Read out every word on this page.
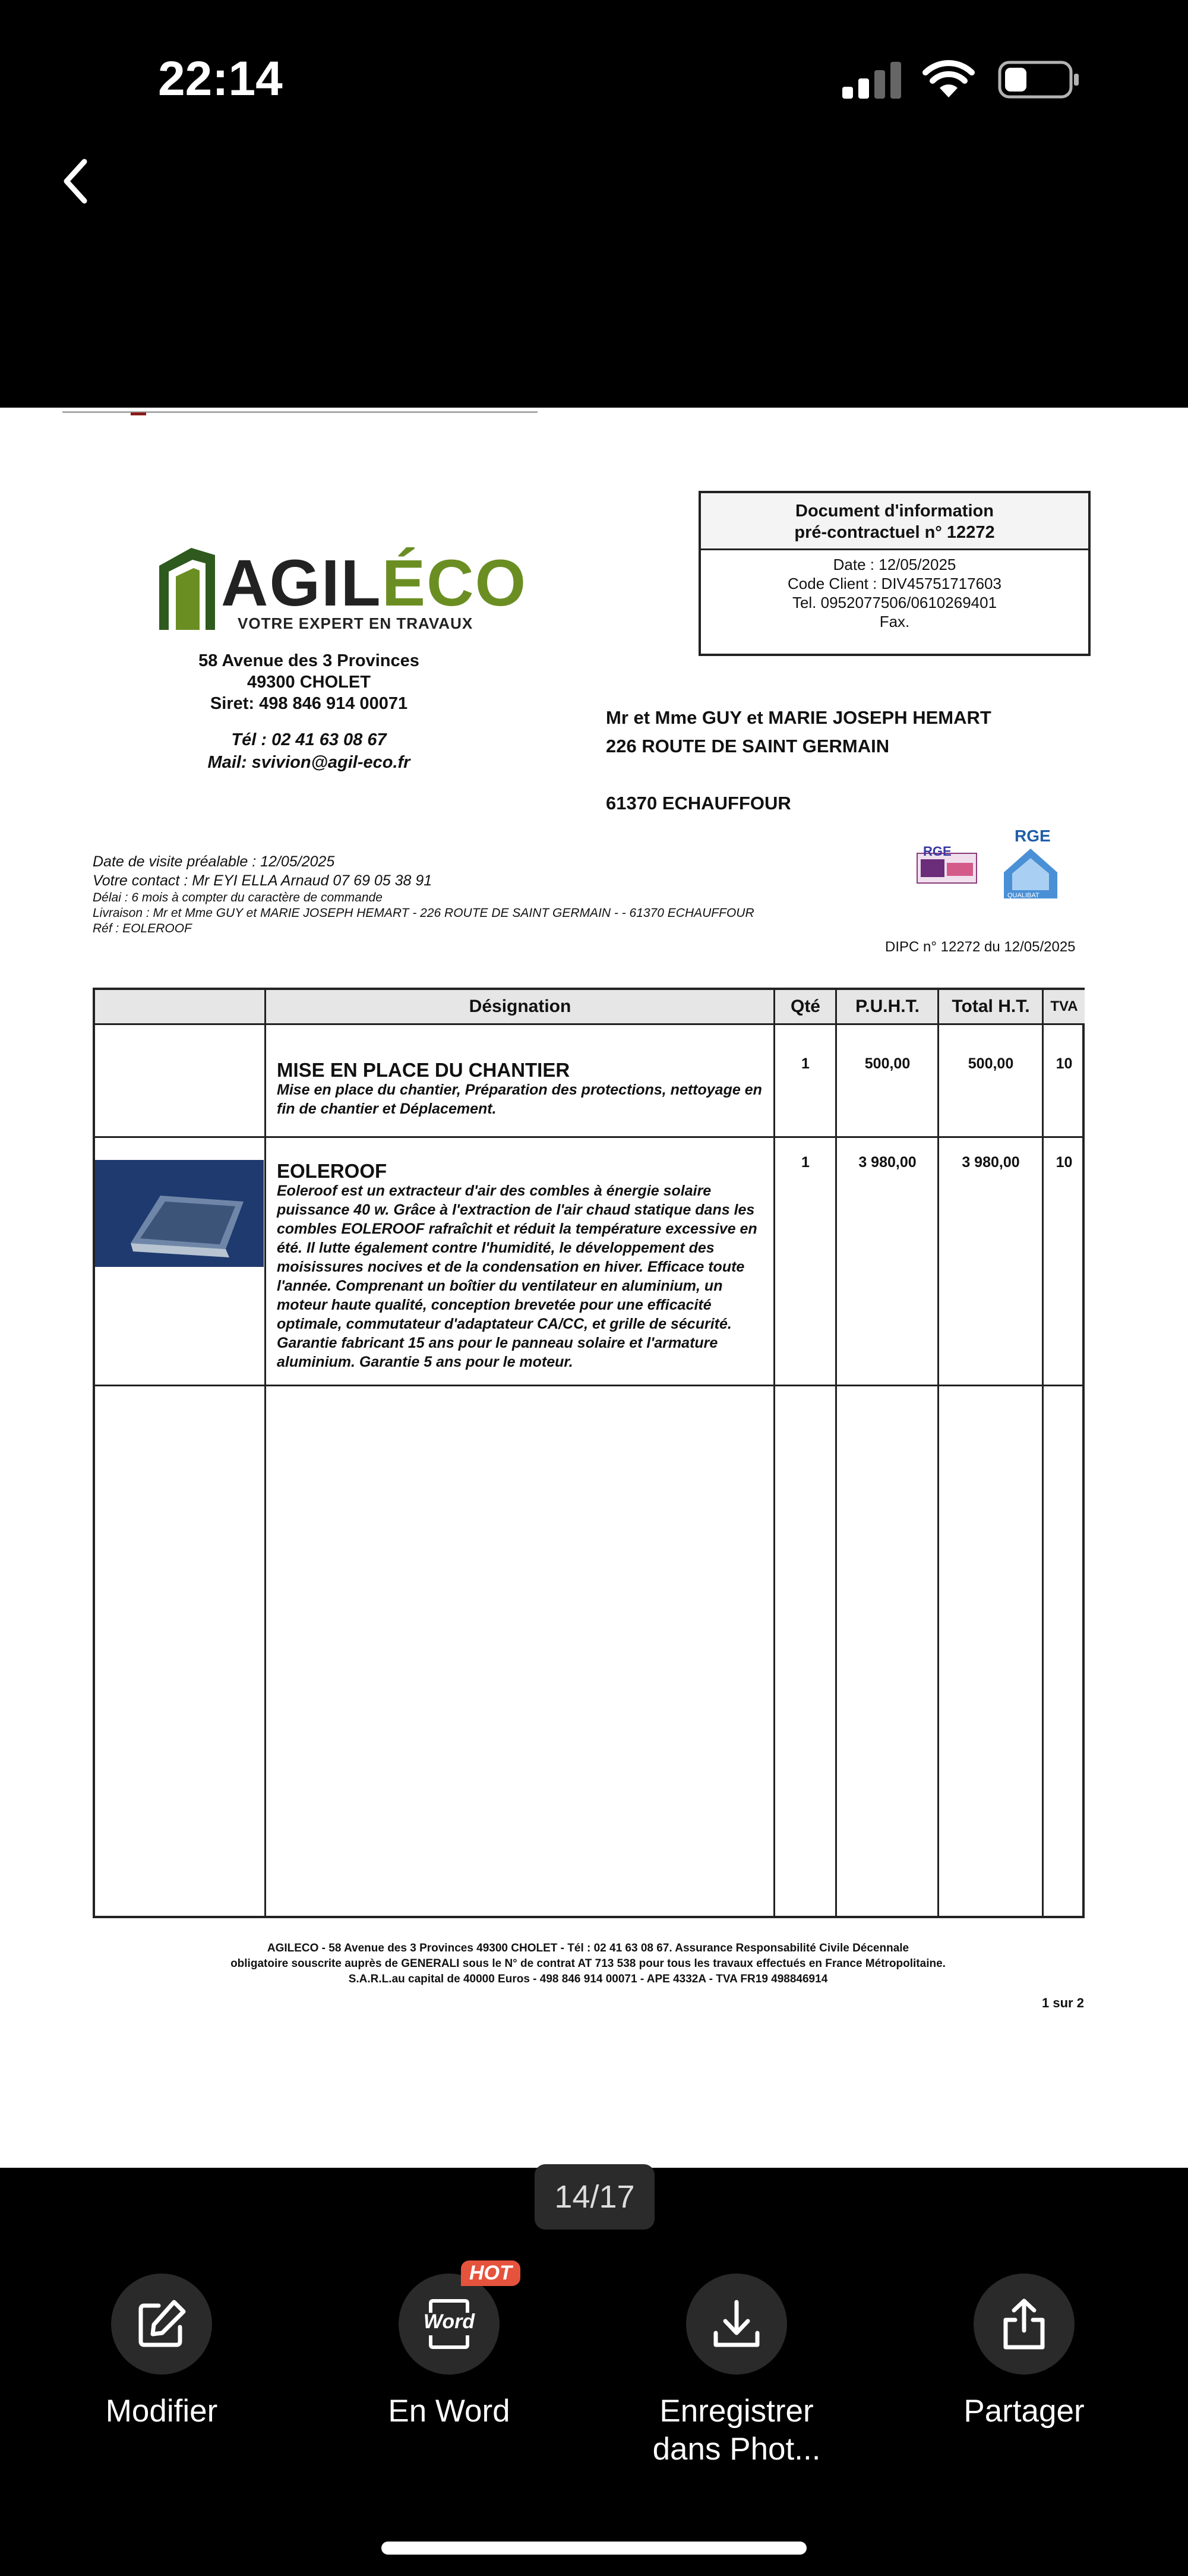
22:14
AGILÉCO
VOTRE EXPERT EN TRAVAUX
58 Avenue des 3 Provinces
49300 CHOLET
Siret: 498 846 914 00071
Tél : 02 41 63 08 67
Mail: svivion@agil-eco.fr
Document d'information
pré-contractuel n° 12272
Date : 12/05/2025
Code Client : DIV45751717603
Tel. 0952077506/0610269401
Fax.
Mr et Mme GUY et MARIE JOSEPH HEMART
226 ROUTE DE SAINT GERMAIN
61370 ECHAUFFOUR
Date de visite préalable : 12/05/2025
Votre contact : Mr EYI ELLA Arnaud 07 69 05 38 91
Délai : 6 mois à compter du caractère de commande
Livraison : Mr et Mme GUY et MARIE JOSEPH HEMART - 226 ROUTE DE SAINT GERMAIN - - 61370 ECHAUFFOUR
Réf : EOLEROOF
RGE
RGE
QUALIBAT
DIPC n° 12272 du 12/05/2025
Désignation	Qté	P.U.H.T.	Total H.T.	TVA
MISE EN PLACE DU CHANTIER
Mise en place du chantier, Préparation des protections, nettoyage en fin de chantier et Déplacement.
1	500,00	500,00	10
EOLEROOF
Eoleroof est un extracteur d'air des combles à énergie solaire puissance 40 w. Grâce à l'extraction de l'air chaud statique dans les combles EOLEROOF rafraîchit et réduit la température excessive en été. Il lutte également contre l'humidité, le développement des moisissures nocives et de la condensation en hiver. Efficace toute l'année. Comprenant un boîtier du ventilateur en aluminium, un moteur haute qualité, conception brevetée pour une efficacité optimale, commutateur d'adaptateur CA/CC, et grille de sécurité. Garantie fabricant 15 ans pour le panneau solaire et l'armature aluminium. Garantie 5 ans pour le moteur.
1	3 980,00	3 980,00	10
AGILECO - 58 Avenue des 3 Provinces 49300 CHOLET - Tél : 02 41 63 08 67. Assurance Responsabilité Civile Décennale
obligatoire souscrite auprès de GENERALI sous le N° de contrat AT 713 538 pour tous les travaux effectués en France Métropolitaine.
S.A.R.L.au capital de 40000 Euros - 498 846 914 00071 - APE 4332A - TVA FR19 498846914
1 sur 2
14/17
Modifier
Word
HOT
En Word	Enregistrer dans Phot...
Partager
